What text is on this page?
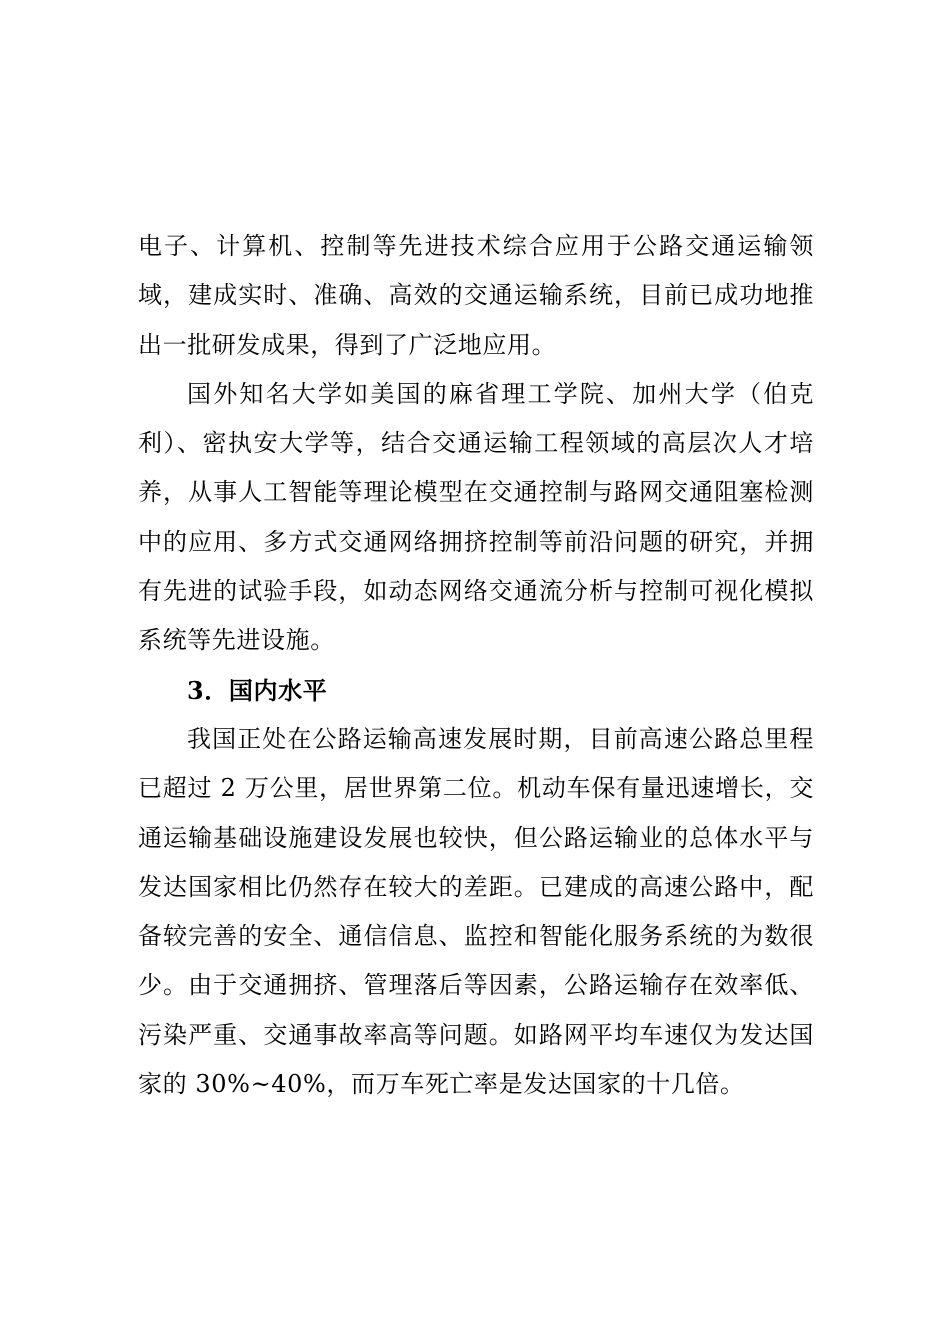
电子、计算机、控制等先进技术综合应用于公路交通运输领域，建成实时、准确、高效的交通运输系统，目前已成功地推出一批研发成果，得到了广泛地应用。

国外知名大学如美国的麻省理工学院、加州大学（伯克利）、密执安大学等，结合交通运输工程领域的高层次人才培养，从事人工智能等理论模型在交通控制与路网交通阻塞检测中的应用、多方式交通网络拥挤控制等前沿问题的研究，并拥有先进的试验手段，如动态网络交通流分析与控制可视化模拟系统等先进设施。

3．国内水平

我国正处在公路运输高速发展时期，目前高速公路总里程已超过 2 万公里，居世界第二位。机动车保有量迅速增长，交通运输基础设施建设发展也较快，但公路运输业的总体水平与发达国家相比仍然存在较大的差距。已建成的高速公路中，配备较完善的安全、通信信息、监控和智能化服务系统的为数很少。由于交通拥挤、管理落后等因素，公路运输存在效率低、污染严重、交通事故率高等问题。如路网平均车速仅为发达国家的 30%~40%，而万车死亡率是发达国家的十几倍。
